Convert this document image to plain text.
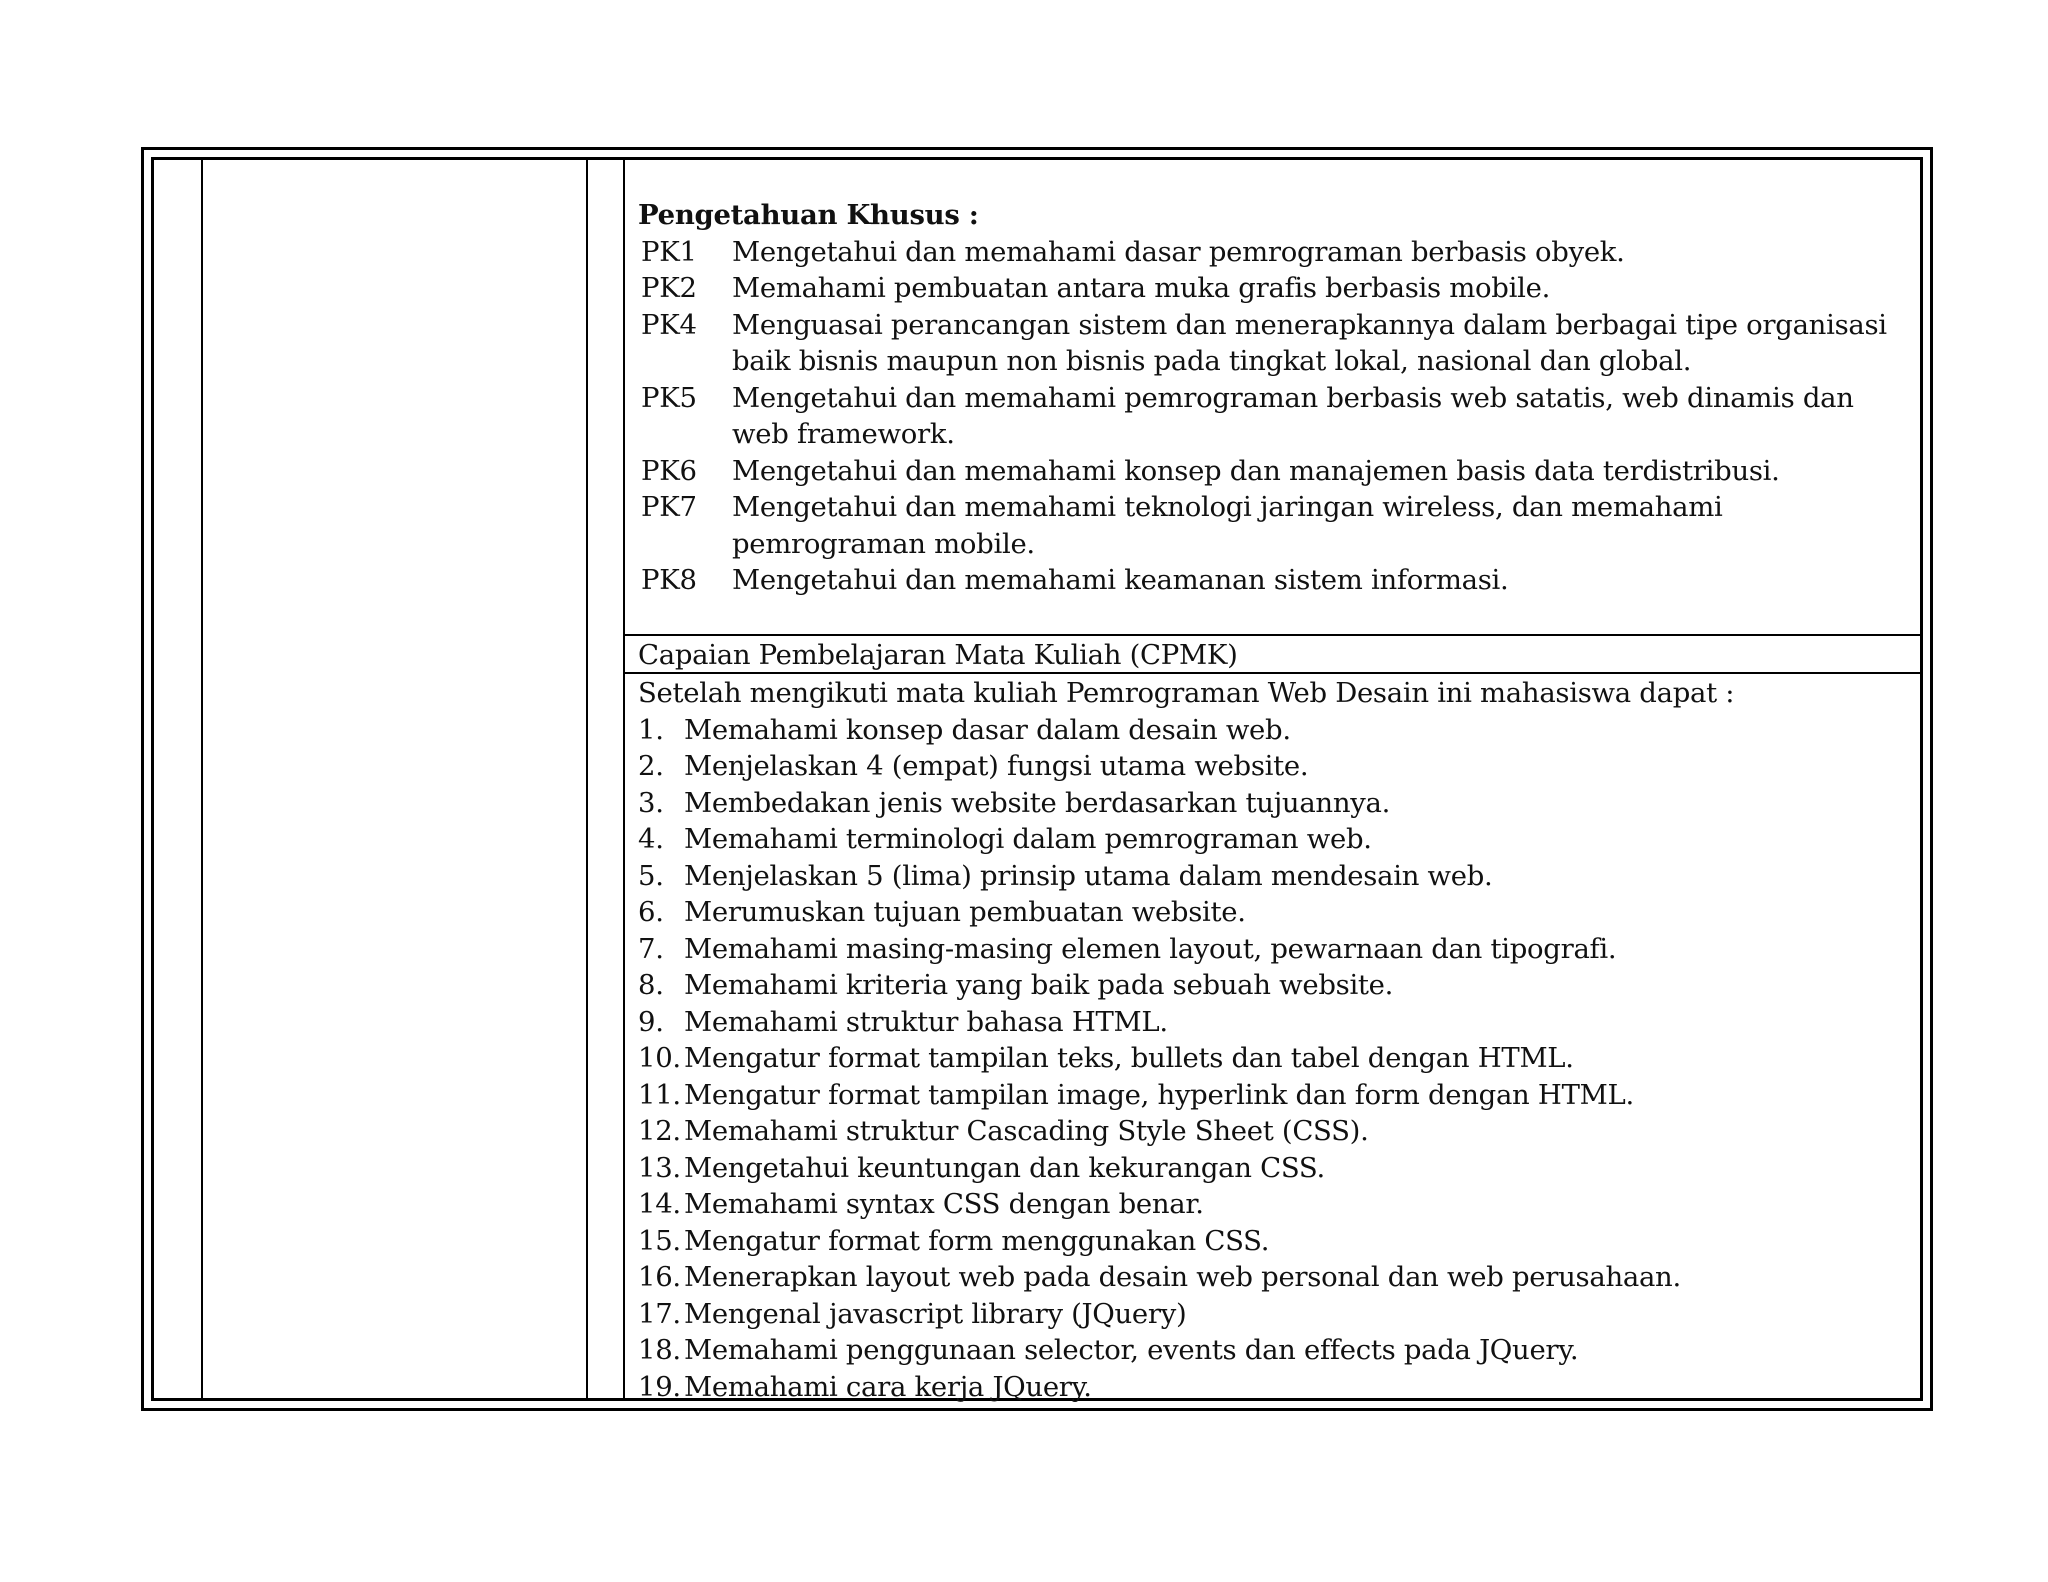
Pengetahuan Khusus :
PK1	Mengetahui dan memahami dasar pemrograman berbasis obyek.
PK2	Memahami pembuatan antara muka grafis berbasis mobile.
PK4	Menguasai perancangan sistem dan menerapkannya dalam berbagai tipe organisasi baik bisnis maupun non bisnis pada tingkat lokal, nasional dan global.
PK5	Mengetahui dan memahami pemrograman berbasis web satatis, web dinamis dan web framework.
PK6	Mengetahui dan memahami konsep dan manajemen basis data terdistribusi.
PK7	Mengetahui dan memahami teknologi jaringan wireless, dan memahami pemrograman mobile.
PK8	Mengetahui dan memahami keamanan sistem informasi.
Capaian Pembelajaran Mata Kuliah (CPMK)
Setelah mengikuti mata kuliah Pemrograman Web Desain ini mahasiswa dapat :
1. Memahami konsep dasar dalam desain web.
2. Menjelaskan 4 (empat) fungsi utama website.
3. Membedakan jenis website berdasarkan tujuannya.
4. Memahami terminologi dalam pemrograman web.
5. Menjelaskan 5 (lima) prinsip utama dalam mendesain web.
6. Merumuskan tujuan pembuatan website.
7. Memahami masing-masing elemen layout, pewarnaan dan tipografi.
8. Memahami kriteria yang baik pada sebuah website.
9. Memahami struktur bahasa HTML.
10. Mengatur format tampilan teks, bullets dan tabel dengan HTML.
11. Mengatur format tampilan image, hyperlink dan form dengan HTML.
12. Memahami struktur Cascading Style Sheet (CSS).
13. Mengetahui keuntungan dan kekurangan CSS.
14. Memahami syntax CSS dengan benar.
15. Mengatur format form menggunakan CSS.
16. Menerapkan layout web pada desain web personal dan web perusahaan.
17. Mengenal javascript library (JQuery)
18. Memahami penggunaan selector, events dan effects pada JQuery.
19. Memahami cara kerja JQuery.
